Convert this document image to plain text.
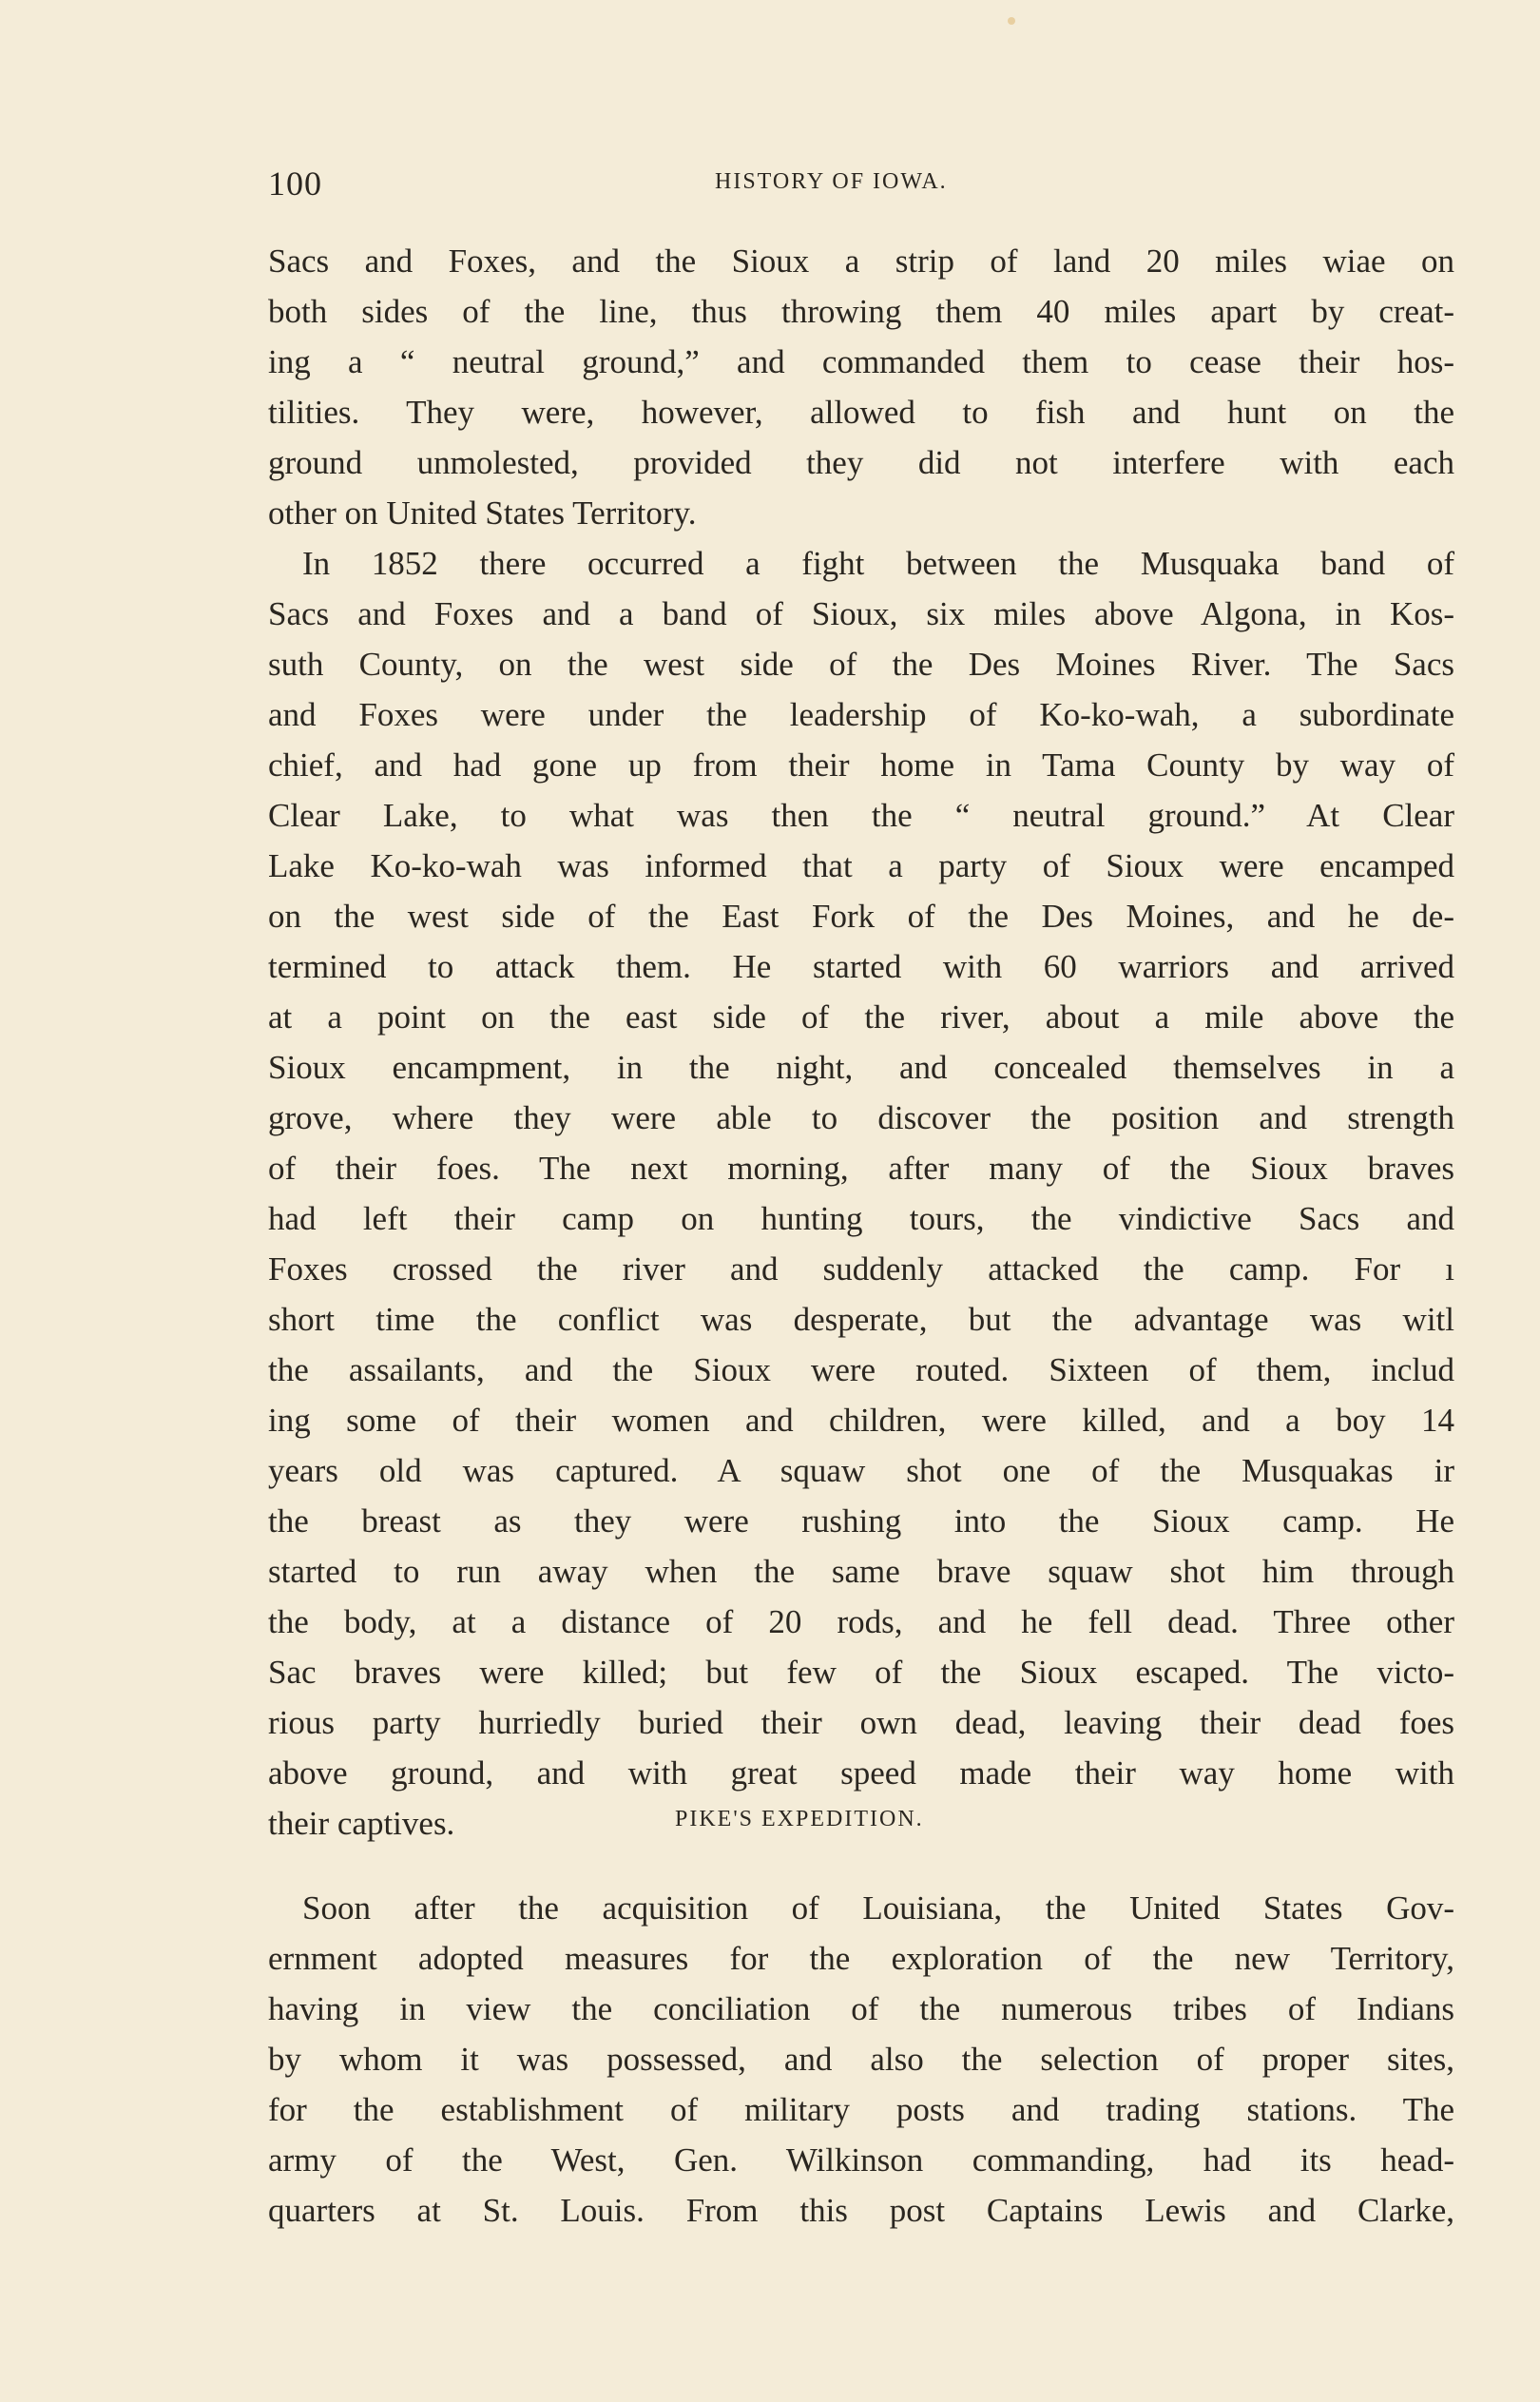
100	HISTORY OF IOWA.
Sacs and Foxes, and the Sioux a strip of land 20 miles wiae on
both sides of the line, thus throwing them 40 miles apart by creat-
ing a “ neutral ground,” and commanded them to cease their hos-
tilities. They were, however, allowed to fish and hunt on the
ground unmolested, provided they did not interfere with each
other on United States Territory.
In 1852 there occurred a fight between the Musquaka band of
Sacs and Foxes and a band of Sioux, six miles above Algona, in Kos-
suth County, on the west side of the Des Moines River. The Sacs
and Foxes were under the leadership of Ko-ko-wah, a subordinate
chief, and had gone up from their home in Tama County by way of
Clear Lake, to what was then the “ neutral ground.” At Clear
Lake Ko-ko-wah was informed that a party of Sioux were encamped
on the west side of the East Fork of the Des Moines, and he de-
termined to attack them. He started with 60 warriors and arrived
at a point on the east side of the river, about a mile above the
Sioux encampment, in the night, and concealed themselves in a
grove, where they were able to discover the position and strength
of their foes. The next morning, after many of the Sioux braves
had left their camp on hunting tours, the vindictive Sacs and
Foxes crossed the river and suddenly attacked the camp. For ı
short time the conflict was desperate, but the advantage was witl
the assailants, and the Sioux were routed. Sixteen of them, includ
ing some of their women and children, were killed, and a boy 14
years old was captured. A squaw shot one of the Musquakas ir
the breast as they were rushing into the Sioux camp. He
started to run away when the same brave squaw shot him through
the body, at a distance of 20 rods, and he fell dead. Three other
Sac braves were killed; but few of the Sioux escaped. The victo-
rious party hurriedly buried their own dead, leaving their dead foes
above ground, and with great speed made their way home with
their captives.	PIKE'S EXPEDITION.
Soon after the acquisition of Louisiana, the United States Gov-
ernment adopted measures for the exploration of the new Territory,
having in view the conciliation of the numerous tribes of Indians
by whom it was possessed, and also the selection of proper sites,
for the establishment of military posts and trading stations. The
army of the West, Gen. Wilkinson commanding, had its head-
quarters at St. Louis. From this post Captains Lewis and Clarke,
